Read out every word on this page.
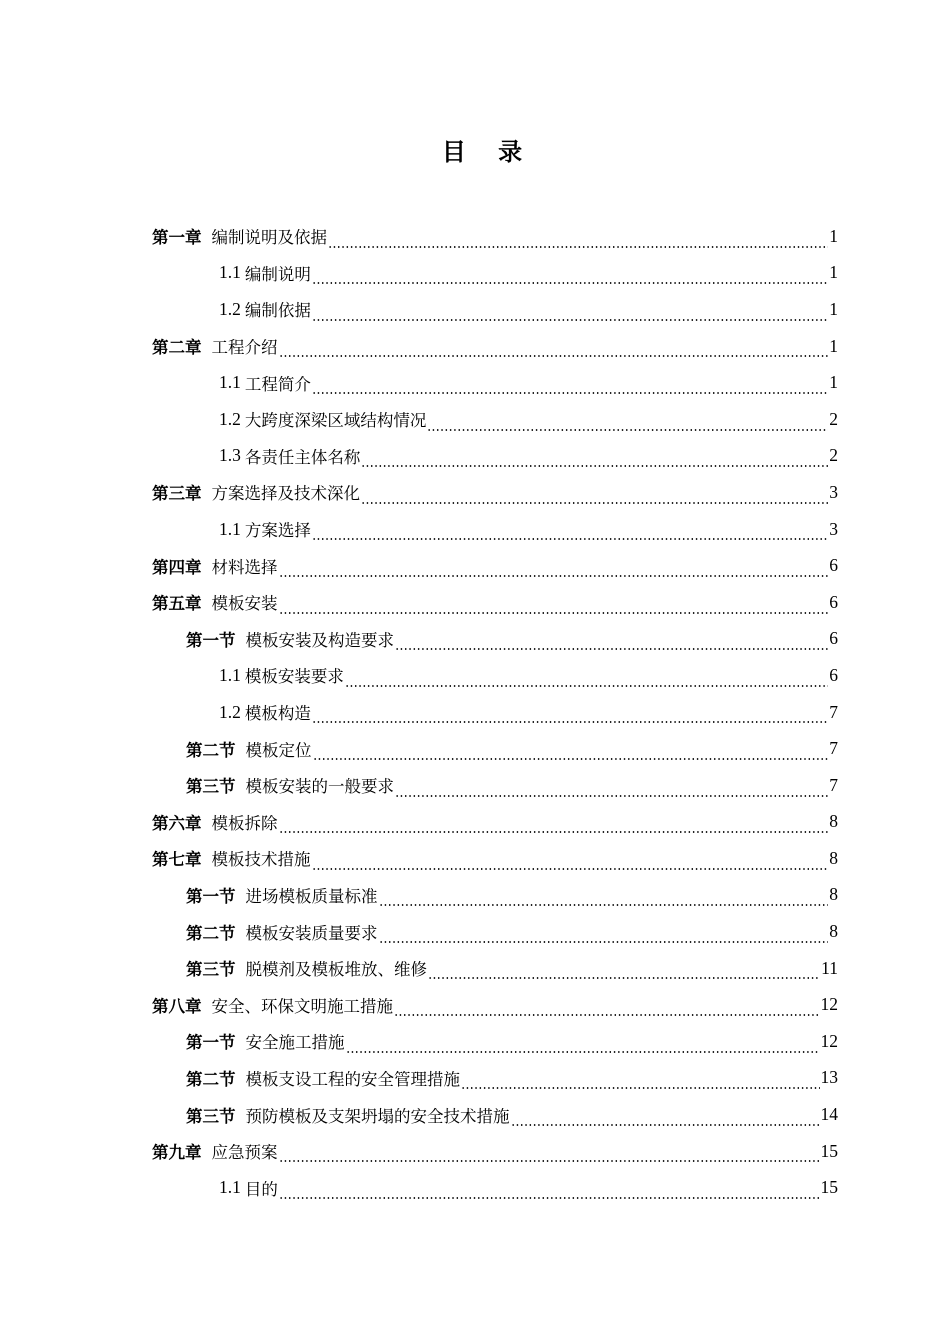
目 录
第一章 编制说明及依据	1
1.1 编制说明	1
1.2 编制依据	1
第二章 工程介绍	1
1.1 工程简介	1
1.2 大跨度深梁区域结构情况	2
1.3 各责任主体名称	2
第三章 方案选择及技术深化	3
1.1 方案选择	3
第四章 材料选择	6
第五章 模板安装	6
第一节 模板安装及构造要求	6
1.1 模板安装要求	6
1.2 模板构造	7
第二节 模板定位	7
第三节 模板安装的一般要求	7
第六章 模板拆除	8
第七章 模板技术措施	8
第一节 进场模板质量标准	8
第二节 模板安装质量要求	8
第三节 脱模剂及模板堆放、维修	11
第八章 安全、环保文明施工措施	12
第一节 安全施工措施	12
第二节 模板支设工程的安全管理措施	13
第三节 预防模板及支架坍塌的安全技术措施	14
第九章 应急预案	15
1.1 目的	15
